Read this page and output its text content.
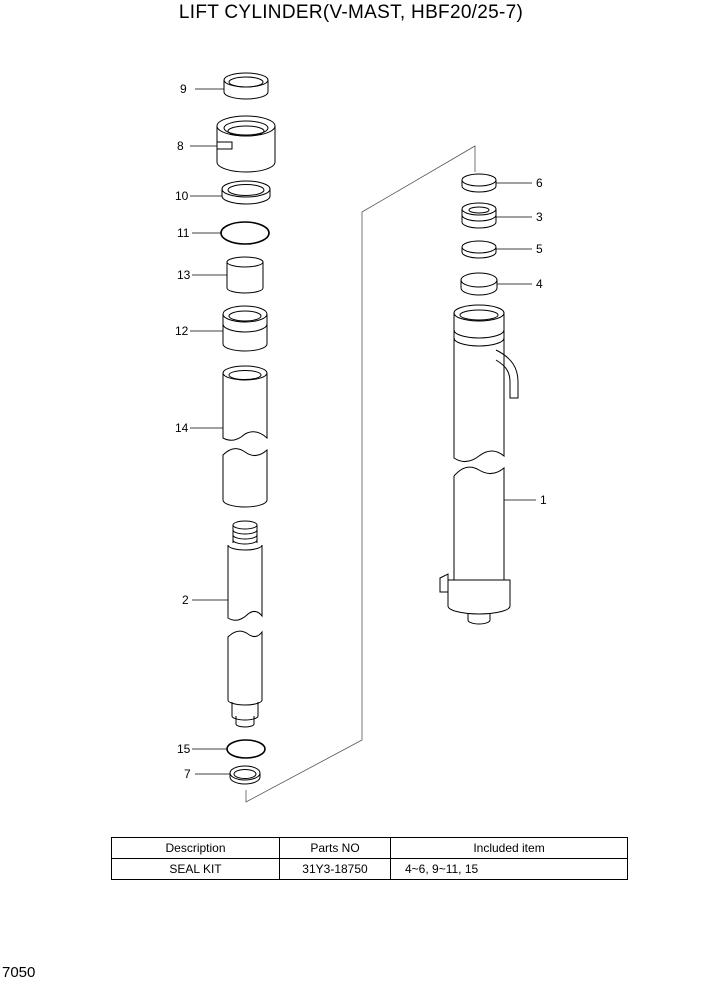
LIFT CYLINDER(V-MAST, HBF20/25-7)
9
8
10
11
13
12
14
2
15
7
6
3
5
4
1
Description	Parts NO	Included item
SEAL KIT	31Y3-18750	4~6, 9~11, 15
7050
